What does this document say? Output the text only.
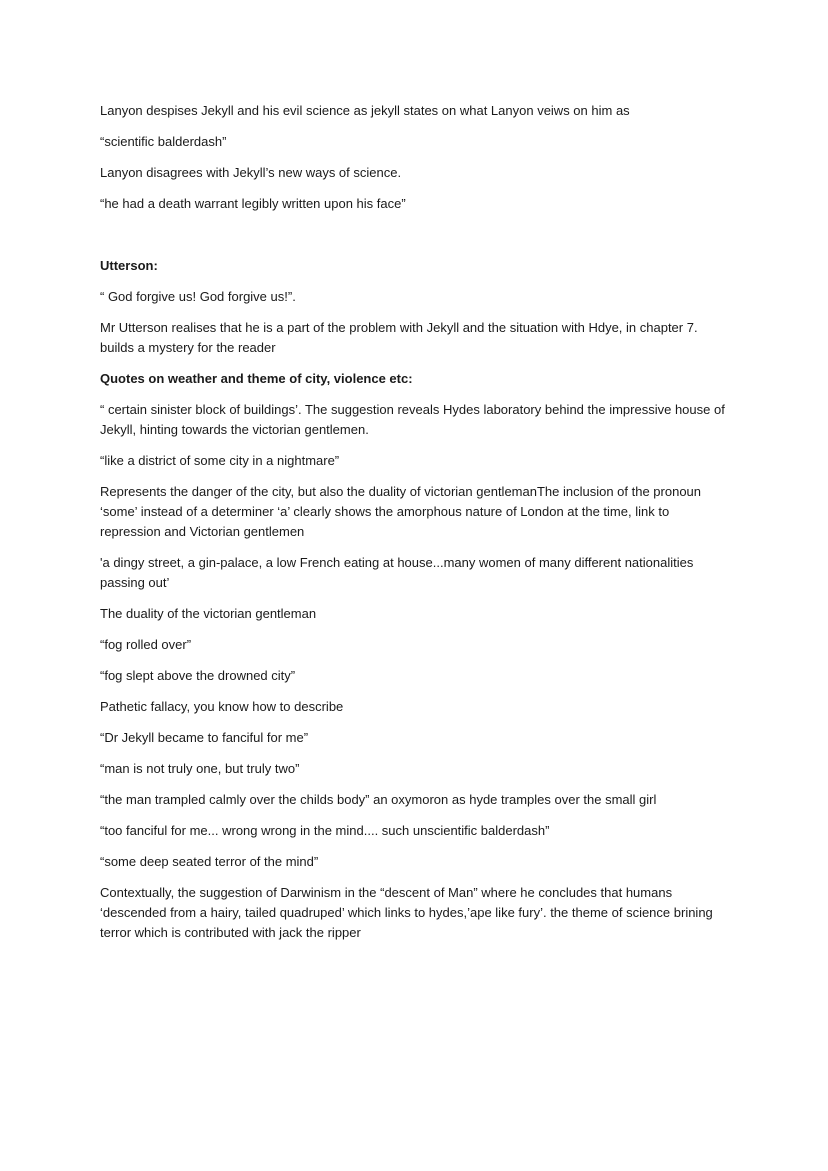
Lanyon despises Jekyll and his evil science as jekyll states on what Lanyon veiws on him as

“scientific balderdash”

Lanyon disagrees with Jekyll’s new ways of science.

“he had a death warrant legibly written upon his face”

Utterson:

“ God forgive us! God forgive us!”.

Mr Utterson realises that he is a part of the problem with Jekyll and the situation with Hdye, in chapter 7. builds a mystery for the reader

Quotes on weather and theme of city, violence etc:

“ certain sinister block of buildings’. The suggestion reveals Hydes laboratory behind the impressive house of Jekyll, hinting towards the victorian gentlemen.

“like a district of some city in a nightmare”

Represents the danger of the city, but also the duality of victorian gentlemanThe inclusion of the pronoun ‘some’ instead of a determiner ‘a’ clearly shows the amorphous nature of London at the time, link to repression and Victorian gentlemen

'a dingy street, a gin-palace, a low French eating at house...many women of many different nationalities passing out’

The duality of the victorian gentleman

“fog rolled over”

“fog slept above the drowned city”

Pathetic fallacy, you know how to describe

“Dr Jekyll became to fanciful for me”

“man is not truly one, but truly two”

“the man trampled calmly over the childs body” an oxymoron as hyde tramples over the small girl

“too fanciful for me... wrong wrong in the mind.... such unscientific balderdash”

“some deep seated terror of the mind”

Contextually, the suggestion of Darwinism in the “descent of Man” where he concludes that humans ‘descended from a hairy, tailed quadruped’ which links to hydes,’ape like fury’. the theme of science brining terror which is contributed with jack the ripper
